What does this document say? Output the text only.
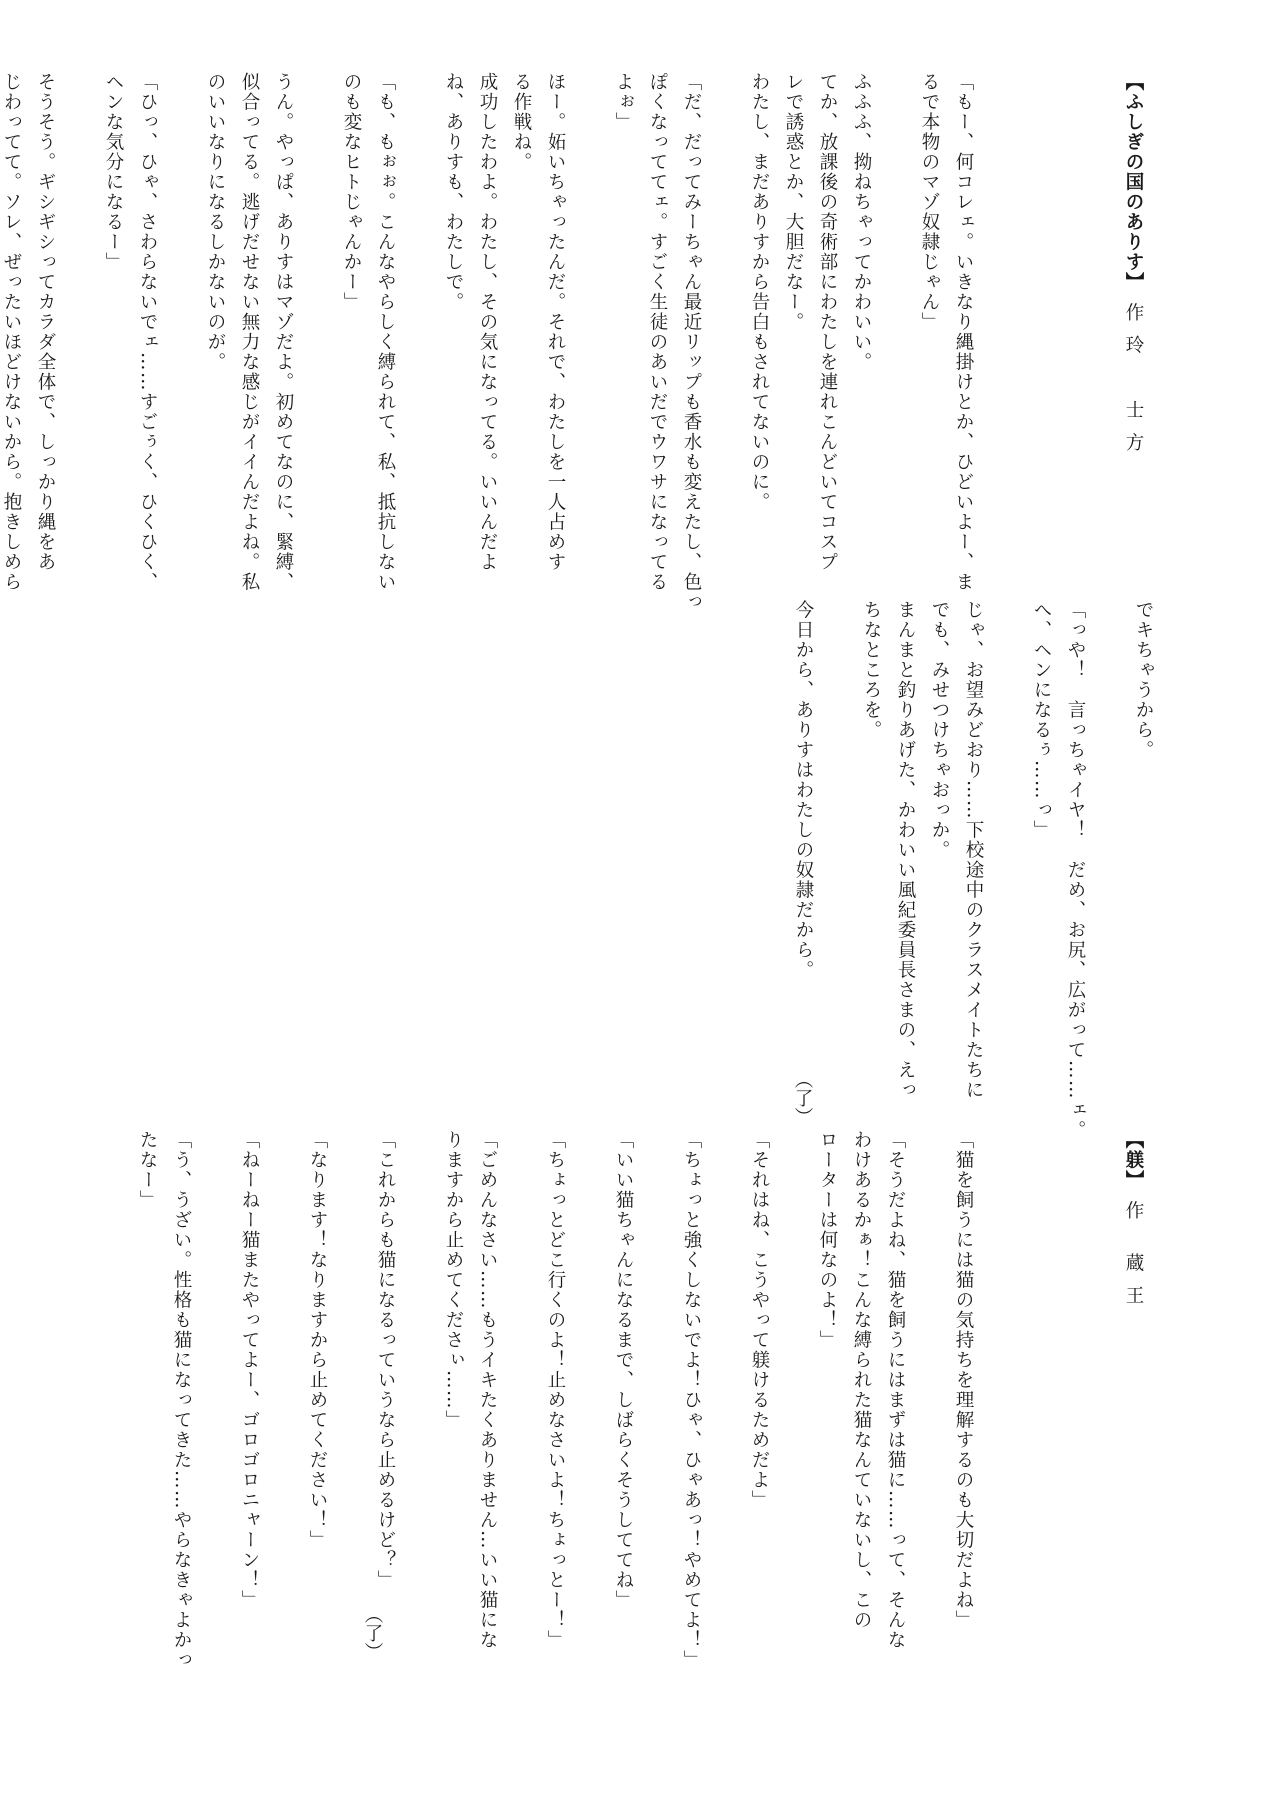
【ふしぎの国のありす】　作玲　士方

「もー、何コレェ。いきなり縄掛けとか、ひどいよー、ま

るで本物のマゾ奴隷じゃん」

ふふふ、拗ねちゃってかわいい。

てか、放課後の奇術部にわたしを連れこんどいてコスプ

レで誘惑とか、大胆だなー。

わたし、まだありすから告白もされてないのに。

「だ、だってみーちゃん最近リップも香水も変えたし、色っ

ぽくなっててェ。すごく生徒のあいだでウワサになってる

よぉ」

ほー。妬いちゃったんだ。それで、わたしを一人占めす

る作戦ね。

成功したわよ。わたし、その気になってる。いいんだよ

ね、ありすも、わたしで。

「も、もぉぉ。こんなやらしく縛られて、私、抵抗しない

のも変なヒトじゃんかー」

うん。やっぱ、ありすはマゾだよ。初めてなのに、緊縛、

似合ってる。逃げだせない無力な感じがイイんだよね。私

のいいなりになるしかないのが。

「ひっ、ひゃ、さわらないでェ……すごぅく、ひくひく、

ヘンな気分になるー」

そうそう。ギシギシってカラダ全体で、しっかり縄をあ

じわってて。ソレ、ぜったいほどけないから。抱きしめら

でキちゃうから。

「っや！　言っちゃイヤ！　だめ、お尻、広がって……ェ。

へ、ヘンになるぅ……っ」

じゃ、お望みどおり……下校途中のクラスメイトたちに

でも、みせつけちゃおっか。

まんまと釣りあげた、かわいい風紀委員長さまの、えっ

ちなところを。

今日から、ありすはわたしの奴隷だから。

（了）

【躾】　作　蔵王

「猫を飼うには猫の気持ちを理解するのも大切だよね」

「そうだよね、猫を飼うにはまずは猫に……って、そんな

わけあるかぁ！こんな縛られた猫なんていないし、この

ローターは何なのよ！」

「それはね、こうやって躾けるためだよ」

「ちょっと強くしないでよ！ひゃ、ひゃあっ！やめてよ！」

「いい猫ちゃんになるまで、しばらくそうしててね」

「ちょっとどこ行くのよ！止めなさいよ！ちょっとー！」

「ごめんなさい……もうイキたくありません…いい猫にな

りますから止めてくださぃ……」

「これからも猫になるっていうなら止めるけど？」

「なります！なりますから止めてください！」

「ねーねー猫またやってよー、ゴロゴロニャーン！」

「う、うざい。性格も猫になってきた……やらなきゃよかっ

たなー」

（了）
